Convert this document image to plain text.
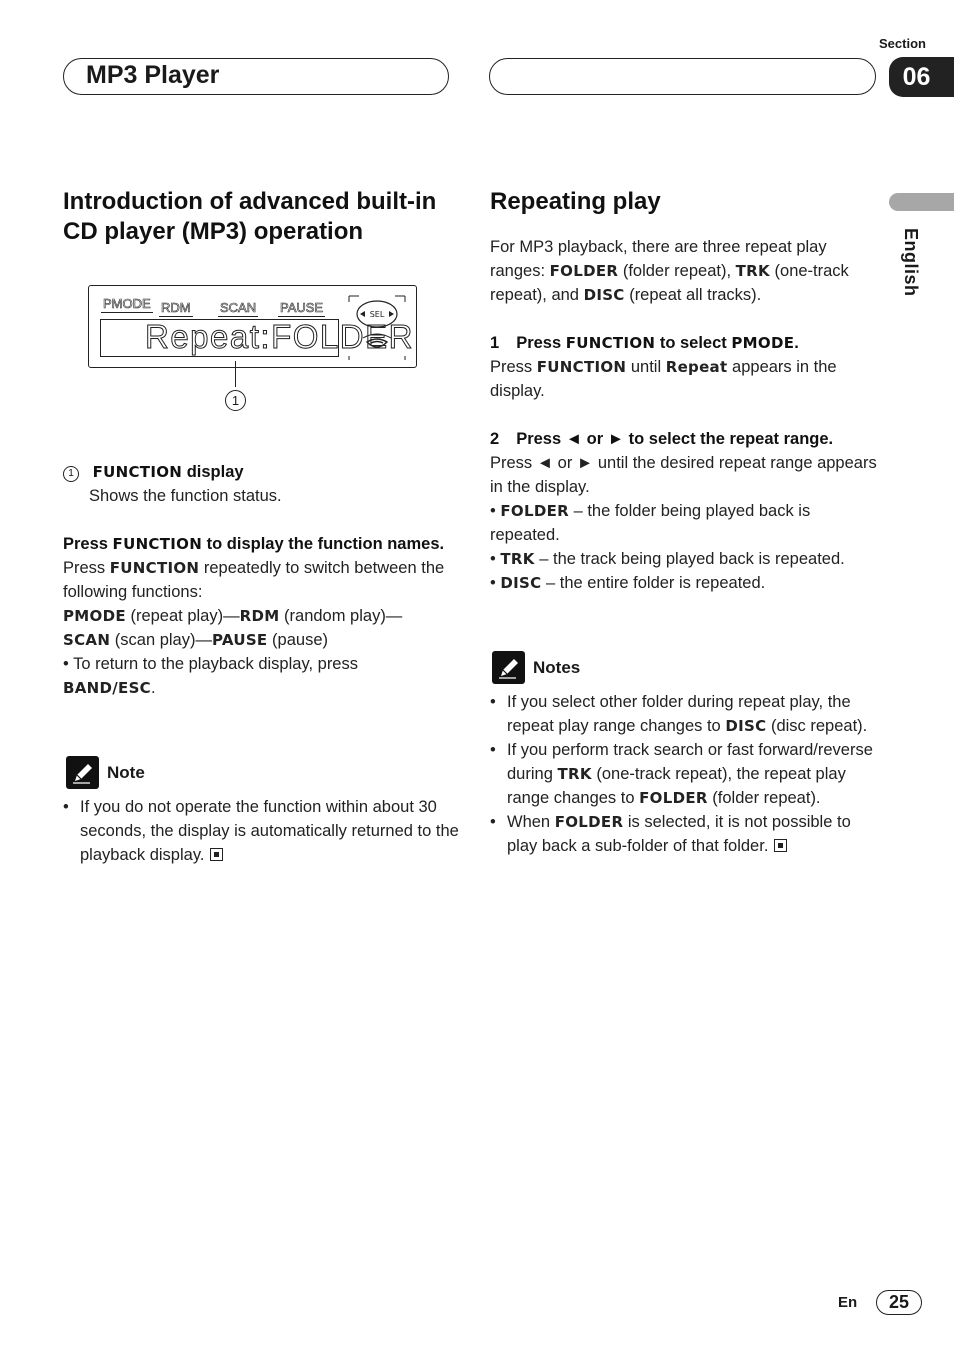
Section
MP3 Player	06
English
Introduction of advanced built-in CD player (MP3) operation
PMODE RDM SCAN PAUSE
Repeat:FOLDER
SEL
1
1 FUNCTION display
Shows the function status.
Press FUNCTION to display the function names.
Press FUNCTION repeatedly to switch between the following functions:
PMODE (repeat play)—RDM (random play)— SCAN (scan play)—PAUSE (pause)
• To return to the playback display, press
BAND/ESC.
Note
• If you do not operate the function within about 30 seconds, the display is automatically returned to the playback display.
Repeating play
For MP3 playback, there are three repeat play ranges: FOLDER (folder repeat), TRK (one-track repeat), and DISC (repeat all tracks).
1 Press FUNCTION to select PMODE.
Press FUNCTION until Repeat appears in the display.
2 Press ◄ or ► to select the repeat range.
Press ◄ or ► until the desired repeat range appears in the display.
• FOLDER – the folder being played back is repeated.
• TRK – the track being played back is repeated.
• DISC – the entire folder is repeated.
Notes
• If you select other folder during repeat play, the repeat play range changes to DISC (disc repeat).
• If you perform track search or fast forward/reverse during TRK (one-track repeat), the repeat play range changes to FOLDER (folder repeat).
• When FOLDER is selected, it is not possible to play back a sub-folder of that folder.
En	25
